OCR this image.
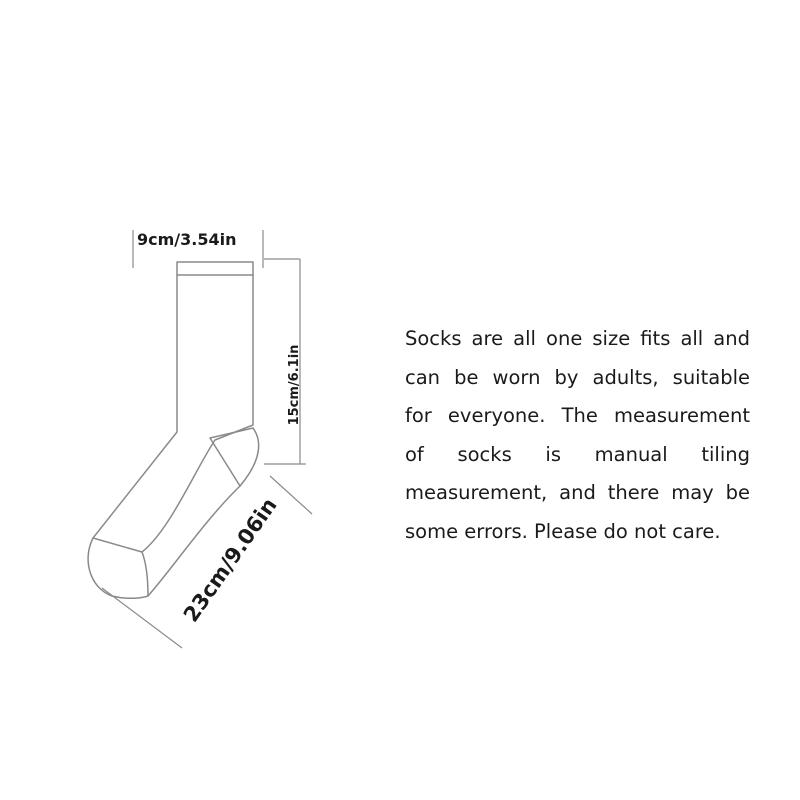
9cm/3.54in
15cm/6.1in
23cm/9.06in
Socks are all one size fits all and
can be worn by adults, suitable
for everyone. The measurement
of socks is manual tiling
measurement, and there may be
some errors. Please do not care.
